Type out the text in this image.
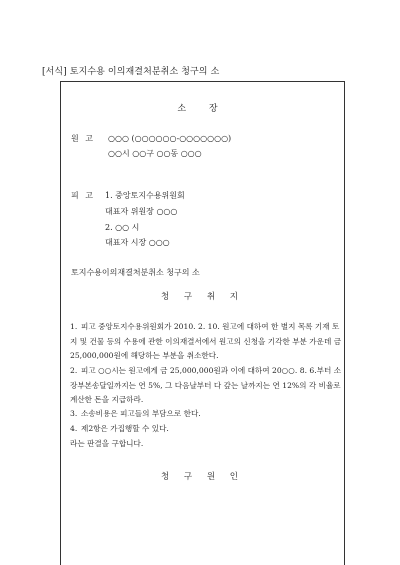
[서식] 토지수용 이의재결처분취소 청구의 소
소 장
원 고 ○○○ (○○○○○○-○○○○○○○)
○○시 ○○구 ○○동 ○○○
피 고 1. 중앙토지수용위원회
대표자 위원장 ○○○
2. ○○ 시
대표자 시장 ○○○
토지수용이의재결처분취소 청구의 소
청 구 취 지
1. 피고 중앙토지수용위원회가 2010. 2. 10. 원고에 대하여 한 별지 목록 기재 토지 및 건물 등의 수용에 관한 이의재결서에서 원고의 신청을 기각한 부분 가운데 금 25,000,000원에 해당하는 부분을 취소한다.
2. 피고 ○○시는 원고에게 금 25,000,000원과 이에 대하여 20○○. 8. 6.부터 소장부본송달일까지는 연 5%, 그 다음날부터 다 갚는 날까지는 연 12%의 각 비율로 계산한 돈을 지급하라.
3. 소송비용은 피고들의 부담으로 한다.
4. 제2항은 가집행할 수 있다.
라는 판결을 구합니다.
청 구 원 인
